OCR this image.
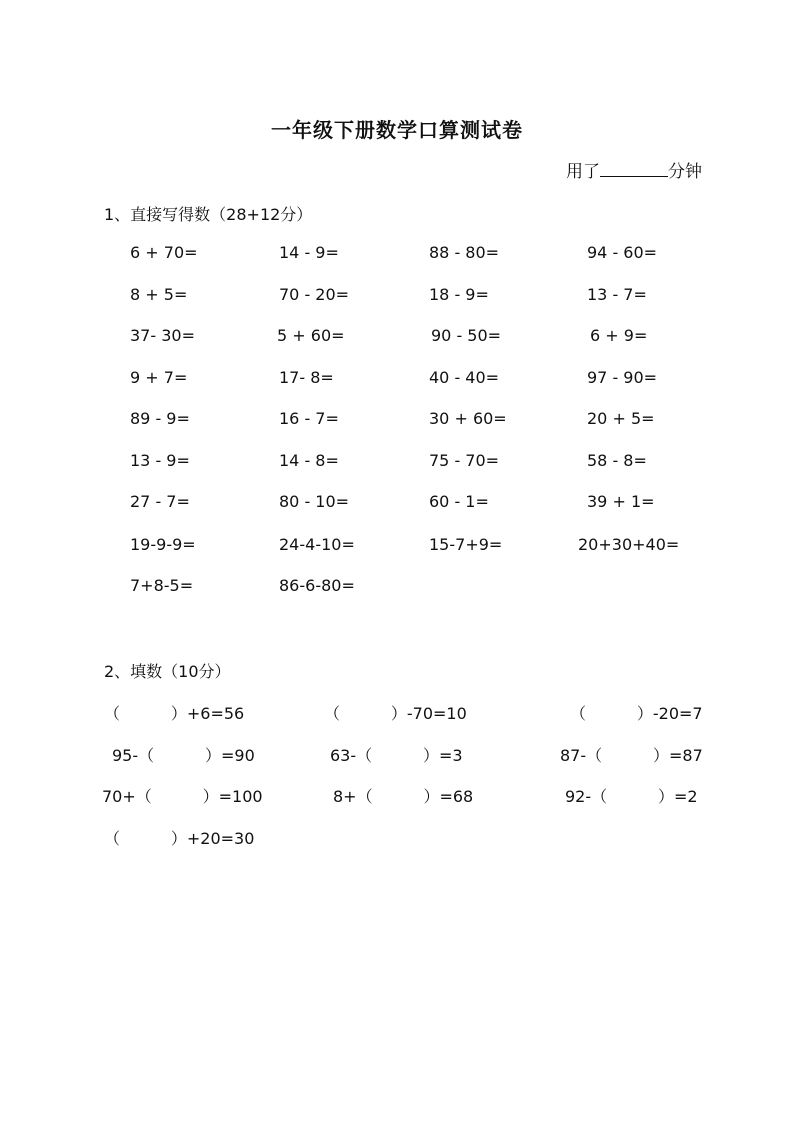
一年级下册数学口算测试卷
用了	分钟
1、直接写得数（28+12分）
6 + 70=	14 - 9=	88 - 80=	94 - 60=
8 + 5=	70 - 20=	18 - 9=	13 - 7=
37- 30=	5 + 60=	90 - 50=	6 + 9=
9 + 7=	17- 8=	40 - 40=	97 - 90=
89 - 9=	16 - 7=	30 + 60=	20 + 5=
13 - 9=	14 - 8=	75 - 70=	58 - 8=
27 - 7=	80 - 10=	60 - 1=	39 + 1=
19-9-9=	24-4-10=	15-7+9=	20+30+40=
7+8-5=	86-6-80=
2、填数（10分）
（          ）+6=56	（          ）-70=10	（          ）-20=7
95-（          ）=90	63-（          ）=3	87-（          ）=87
70+（          ）=100	8+（          ）=68	92-（          ）=2
（          ）+20=30
